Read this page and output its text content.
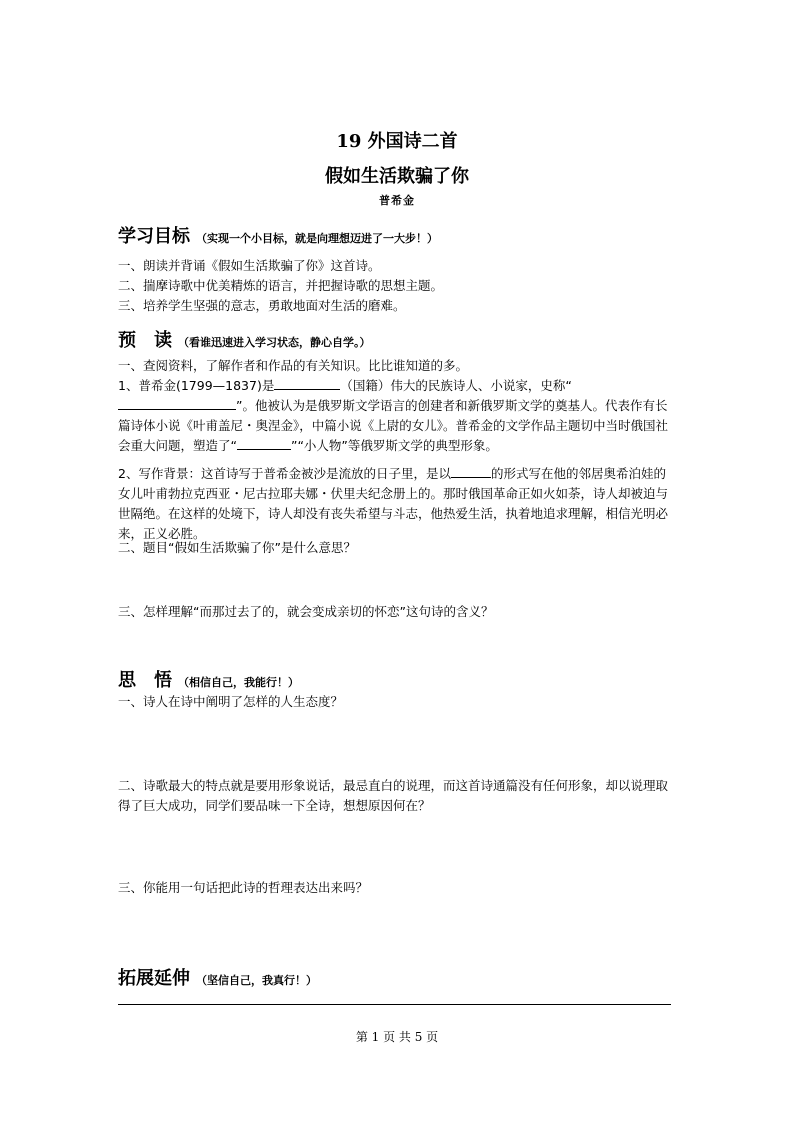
19 外国诗二首
假如生活欺骗了你
普希金
学习目标 （实现一个小目标，就是向理想迈进了一大步！）
一、朗读并背诵《假如生活欺骗了你》这首诗。
二、揣摩诗歌中优美精炼的语言，并把握诗歌的思想主题。
三、培养学生坚强的意志，勇敢地面对生活的磨难。
预　读 （看谁迅速进入学习状态，静心自学。）
一、查阅资料，了解作者和作品的有关知识。比比谁知道的多。
1、普希金(1799—1837)是	（国籍）伟大的民族诗人、小说家，史称“”。他被认为是俄罗斯文学语言的创建者和新俄罗斯文学的奠基人。代表作有长篇诗体小说《叶甫盖尼・奥涅金》，中篇小说《上尉的女儿》。普希金的文学作品主题切中当时俄国社会重大问题，塑造了“	”“小人物”等俄罗斯文学的典型形象。
2、写作背景：这首诗写于普希金被沙是流放的日子里，是以	的形式写在他的邻居奥希泊娃的女儿叶甫勃拉克西亚・尼古拉耶夫娜・伏里夫纪念册上的。那时俄国革命正如火如荼，诗人却被迫与世隔绝。在这样的处境下，诗人却没有丧失希望与斗志，他热爱生活，执着地追求理解，相信光明必来，正义必胜。
二、题目“假如生活欺骗了你”是什么意思？
三、怎样理解“而那过去了的，就会变成亲切的怀恋”这句诗的含义？
思　悟 （相信自己，我能行！）
一、诗人在诗中阐明了怎样的人生态度？
二、诗歌最大的特点就是要用形象说话，最忌直白的说理，而这首诗通篇没有任何形象，却以说理取得了巨大成功，同学们要品味一下全诗，想想原因何在？
三、你能用一句话把此诗的哲理表达出来吗？
拓展延伸 （坚信自己，我真行！）
第 1 页 共 5 页
